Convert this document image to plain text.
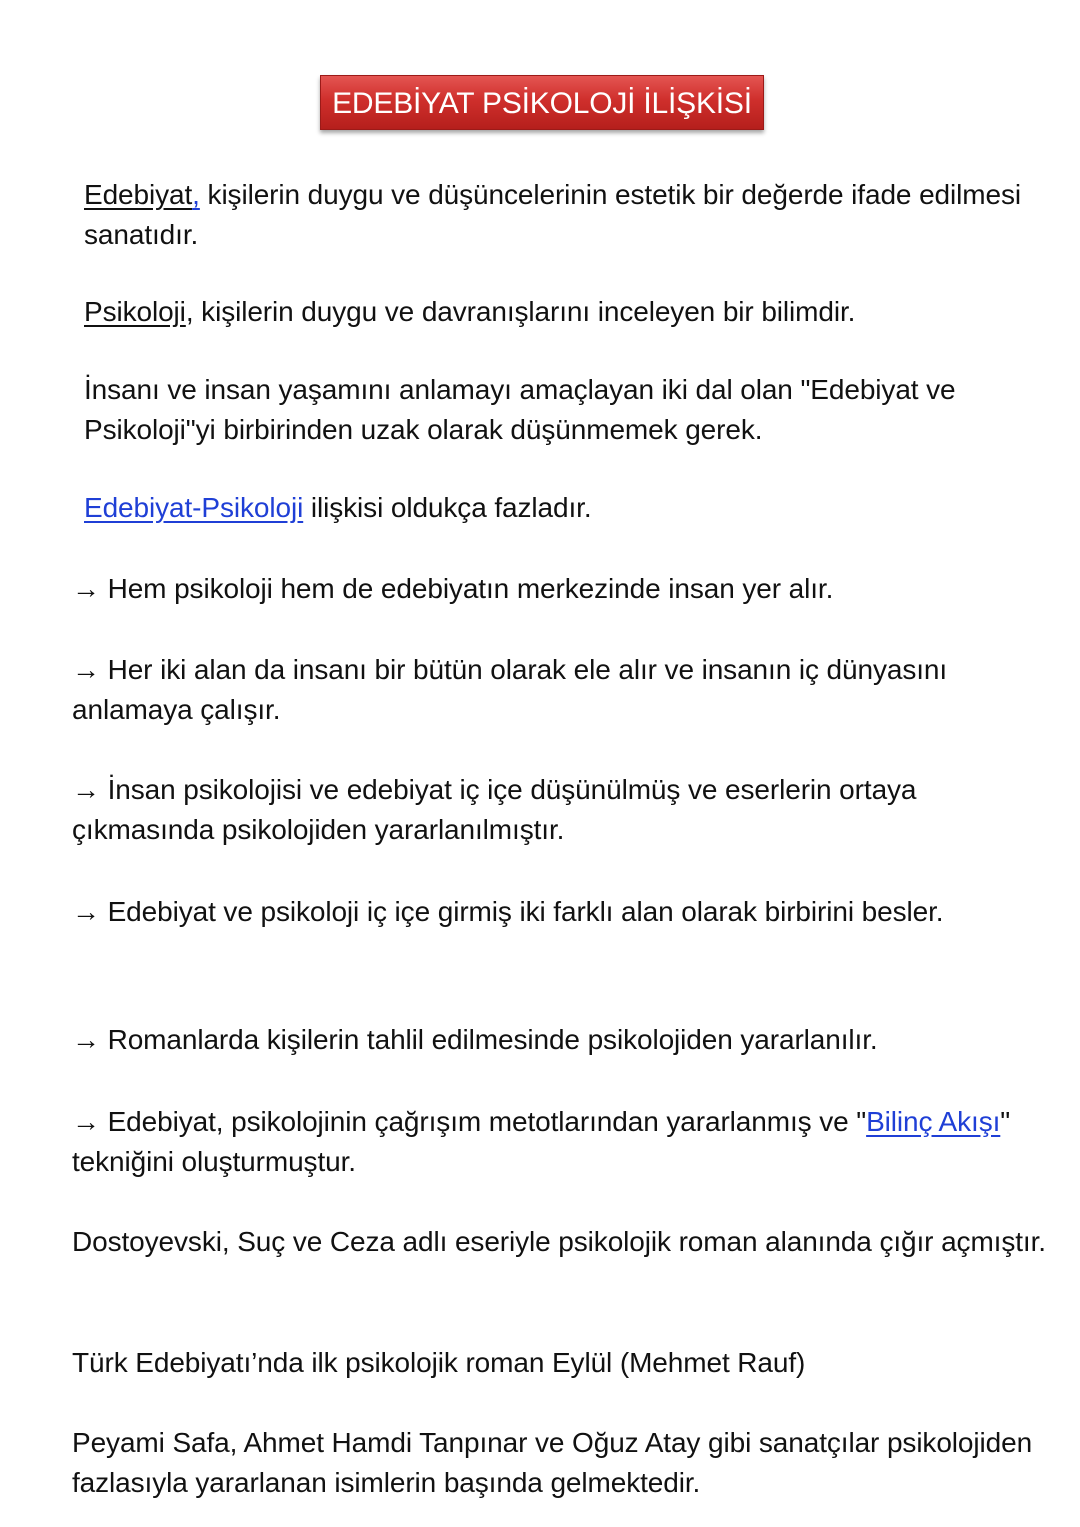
EDEBİYAT PSİKOLOJİ İLİŞKİSİ

Edebiyat, kişilerin duygu ve düşüncelerinin estetik bir değerde ifade edilmesi sanatıdır.

Psikoloji, kişilerin duygu ve davranışlarını inceleyen bir bilimdir.

İnsanı ve insan yaşamını anlamayı amaçlayan iki dal olan "Edebiyat ve Psikoloji"yi birbirinden uzak olarak düşünmemek gerek.

Edebiyat-Psikoloji ilişkisi oldukça fazladır.

→ Hem psikoloji hem de edebiyatın merkezinde insan yer alır.

→ Her iki alan da insanı bir bütün olarak ele alır ve insanın iç dünyasını anlamaya çalışır.

→ İnsan psikolojisi ve edebiyat iç içe düşünülmüş ve eserlerin ortaya çıkmasında psikolojiden yararlanılmıştır.

→ Edebiyat ve psikoloji iç içe girmiş iki farklı alan olarak birbirini besler.

→ Romanlarda kişilerin tahlil edilmesinde psikolojiden yararlanılır.

→ Edebiyat, psikolojinin çağrışım metotlarından yararlanmış ve "Bilinç Akışı" tekniğini oluşturmuştur.

Dostoyevski, Suç ve Ceza adlı eseriyle psikolojik roman alanında çığır açmıştır.

Türk Edebiyatı’nda ilk psikolojik roman Eylül (Mehmet Rauf)

Peyami Safa, Ahmet Hamdi Tanpınar ve Oğuz Atay gibi sanatçılar psikolojiden fazlasıyla yararlanan isimlerin başında gelmektedir.
